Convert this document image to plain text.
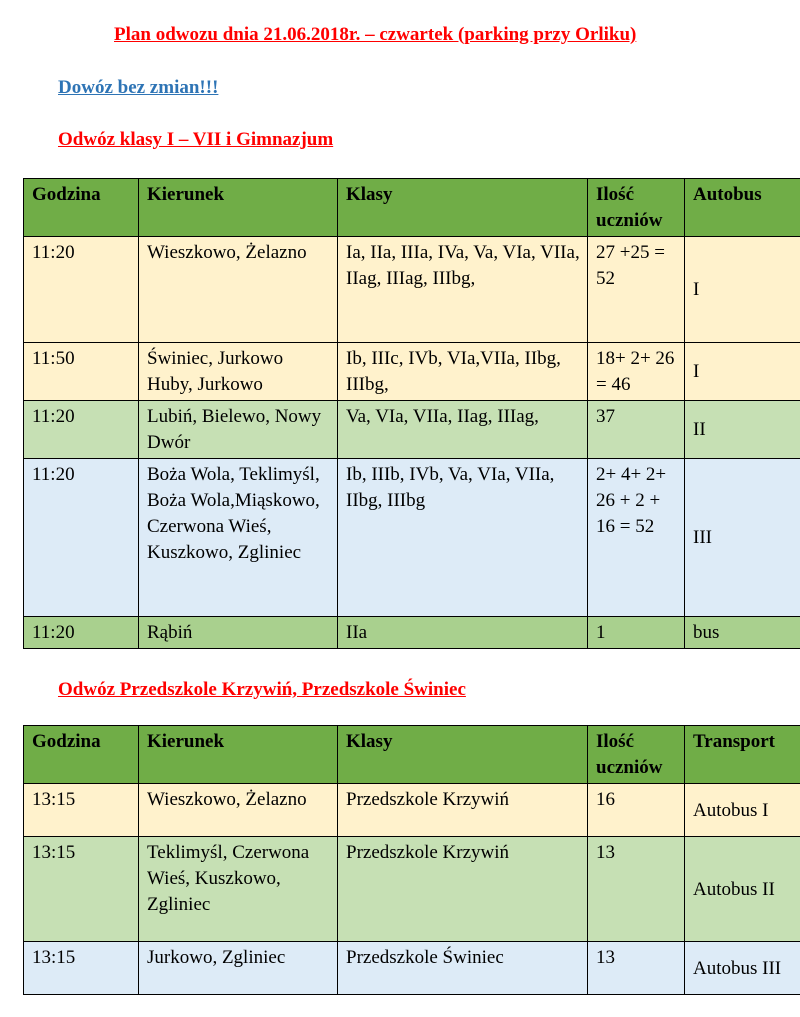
Plan odwozu dnia 21.06.2018r. – czwartek (parking przy Orliku)
Dowóz bez zmian!!!
Odwóz klasy I – VII i Gimnazjum
Godzina	Kierunek	Klasy	Ilość uczniów	Autobus
11:20	Wieszkowo, Żelazno	Ia, IIa, IIIa, IVa, Va, VIa, VIIa, IIag, IIIag, IIIbg,	27 +25 = 52	I
11:50	Świniec, Jurkowo Huby, Jurkowo	Ib, IIIc, IVb, VIa,VIIa, IIbg, IIIbg,	18+ 2+ 26 = 46	I
11:20	Lubiń, Bielewo, Nowy Dwór	Va, VIa, VIIa, IIag, IIIag,	37	II
11:20	Boża Wola, Teklimyśl, Boża Wola,Miąskowo, Czerwona Wieś, Kuszkowo, Zgliniec	Ib, IIIb, IVb, Va, VIa, VIIa, IIbg, IIIbg	2+ 4+ 2+ 26 + 2 + 16 = 52	III
11:20	Rąbiń	IIa	1	bus
Odwóz Przedszkole Krzywiń, Przedszkole Świniec
Godzina	Kierunek	Klasy	Ilość uczniów	Transport
13:15	Wieszkowo, Żelazno	Przedszkole Krzywiń	16	Autobus I
13:15	Teklimyśl, Czerwona Wieś, Kuszkowo, Zgliniec	Przedszkole Krzywiń	13	Autobus II
13:15	Jurkowo, Zgliniec	Przedszkole Świniec	13	Autobus III
